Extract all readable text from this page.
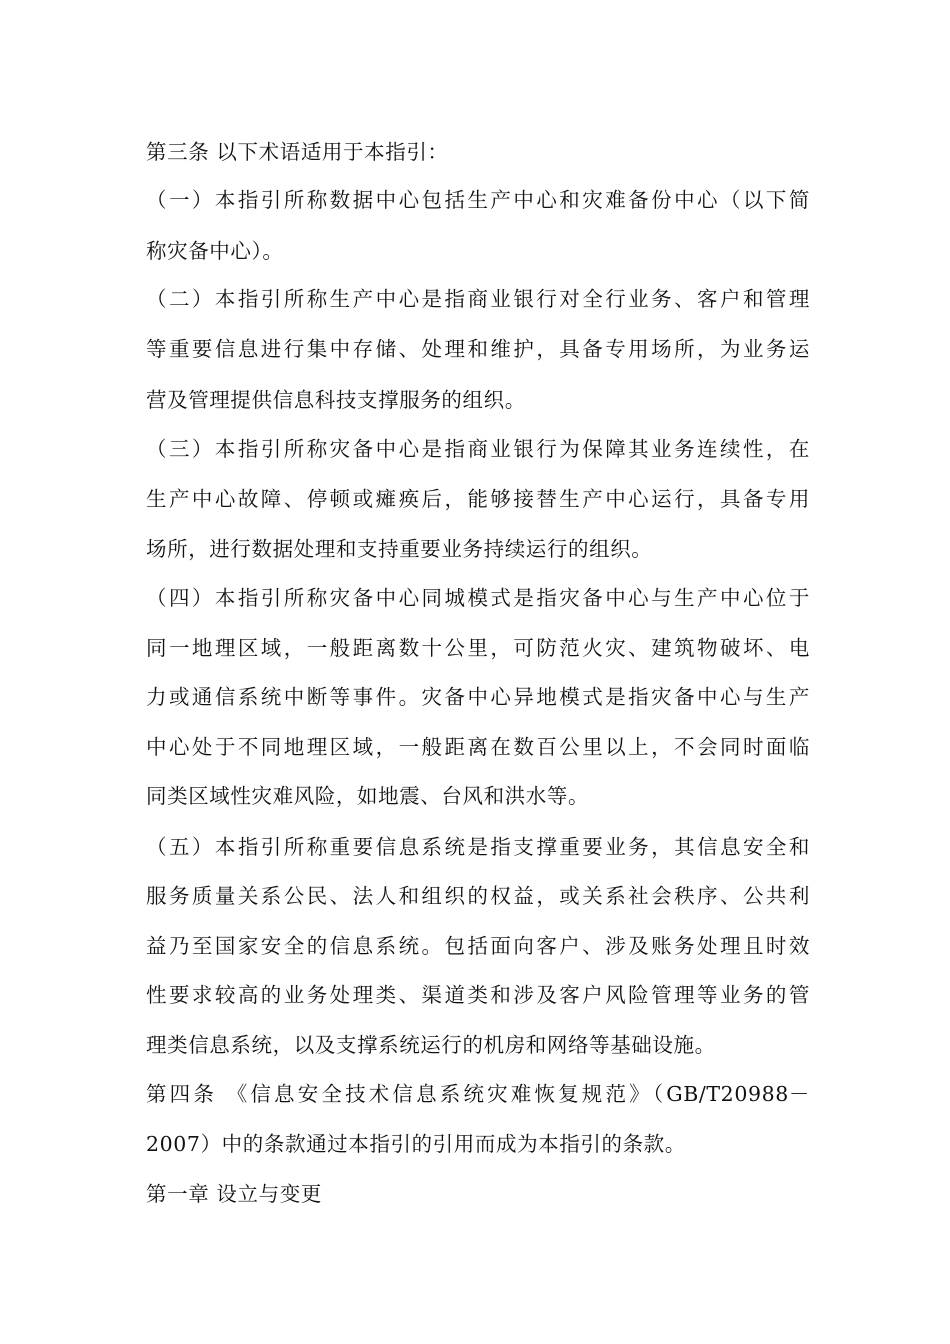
第三条 以下术语适用于本指引：
（一）本指引所称数据中心包括生产中心和灾难备份中心（以下简
称灾备中心）。
（二）本指引所称生产中心是指商业银行对全行业务、客户和管理
等重要信息进行集中存储、处理和维护，具备专用场所，为业务运
营及管理提供信息科技支撑服务的组织。
（三）本指引所称灾备中心是指商业银行为保障其业务连续性，在
生产中心故障、停顿或瘫痪后，能够接替生产中心运行，具备专用
场所，进行数据处理和支持重要业务持续运行的组织。
（四）本指引所称灾备中心同城模式是指灾备中心与生产中心位于
同一地理区域，一般距离数十公里，可防范火灾、建筑物破坏、电
力或通信系统中断等事件。灾备中心异地模式是指灾备中心与生产
中心处于不同地理区域，一般距离在数百公里以上，不会同时面临
同类区域性灾难风险，如地震、台风和洪水等。
（五）本指引所称重要信息系统是指支撑重要业务，其信息安全和
服务质量关系公民、法人和组织的权益，或关系社会秩序、公共利
益乃至国家安全的信息系统。包括面向客户、涉及账务处理且时效
性要求较高的业务处理类、渠道类和涉及客户风险管理等业务的管
理类信息系统，以及支撑系统运行的机房和网络等基础设施。
第四条 《信息安全技术信息系统灾难恢复规范》（GB/T20988－
2007）中的条款通过本指引的引用而成为本指引的条款。
第一章 设立与变更
